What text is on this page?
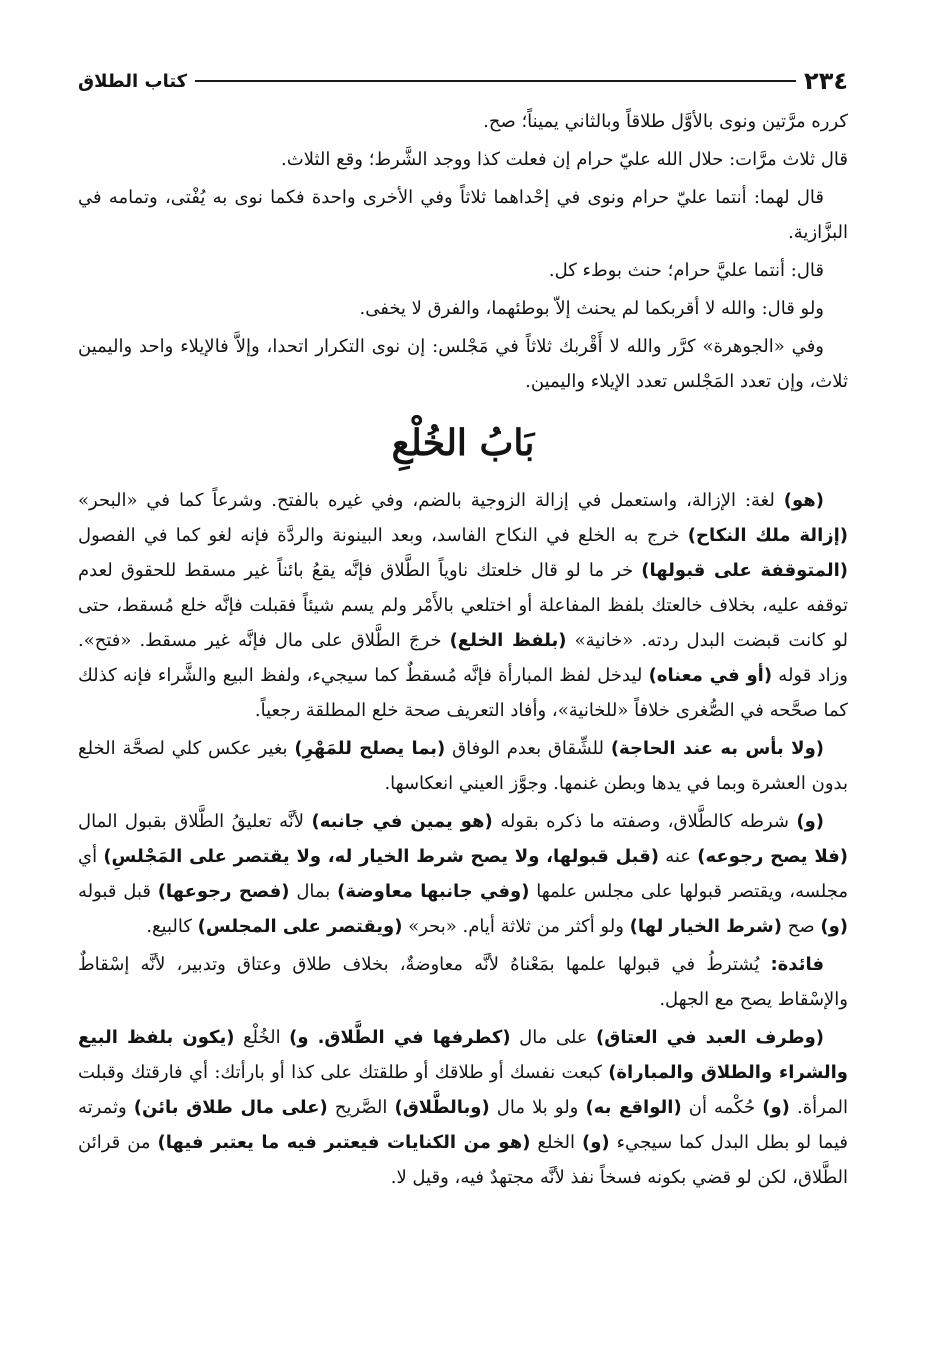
كتاب الطلاق	٢٣٤

كرره مرَّتين ونوى بالأوَّل طلاقاً وبالثاني يميناً؛ صح.

قال ثلاث مرَّات: حلال الله عليّ حرام إن فعلت كذا ووجد الشَّرط؛ وقع الثلاث.

قال لهما: أنتما عليّ حرام ونوى في إحْداهما ثلاثاً وفي الأخرى واحدة فكما نوى به يُفْتى، وتمامه في البزَّازية.

قال: أنتما عليَّ حرام؛ حنث بوطء كل.

ولو قال: والله لا أقربكما لم يحنث إلاّ بوطئهما، والفرق لا يخفى.

وفي «الجوهرة» كرَّر والله لا أَقْربك ثلاثاً في مَجْلس: إن نوى التكرار اتحدا، وإلاَّ فالإيلاء واحد واليمين ثلاث، وإن تعدد المَجْلس تعدد الإيلاء واليمين.

بَابُ الخُلْعِ

(هو) لغة: الإزالة، واستعمل في إزالة الزوجية بالضم، وفي غيره بالفتح. وشرعاً كما في «البحر» (إزالة ملك النكاح) خرج به الخلع في النكاح الفاسد، وبعد البينونة والردَّة فإنه لغو كما في الفصول (المتوقفة على قبولها) خر ما لو قال خلعتك ناوياً الطَّلاق فإنَّه يقعُ بائناً غير مسقط للحقوق لعدم توقفه عليه، بخلاف خالعتك بلفظ المفاعلة أو اختلعي بالأَمْر ولم يسم شيئاً فقبلت فإنَّه خلع مُسقط، حتى لو كانت قبضت البدل ردته. «خانية» (بلفظ الخلع) خرجَ الطَّلاق على مال فإنَّه غير مسقط. «فتح». وزاد قوله (أو في معناه) ليدخل لفظ المبارأة فإنَّه مُسقطٌ كما سيجيء، ولفظ البيع والشَّراء فإنه كذلك كما صحَّحه في الصُّغرى خلافاً «للخانية»، وأفاد التعريف صحة خلع المطلقة رجعياً.

(ولا بأس به عند الحاجة) للشِّقاق بعدم الوفاق (بما يصلح للمَهْرِ) بغير عكس كلي لصحَّة الخلع بدون العشرة وبما في يدها وبطن غنمها. وجوَّز العيني انعكاسها.

(و) شرطه كالطَّلاق، وصفته ما ذكره بقوله (هو يمين في جانبه) لأنَّه تعليقُ الطَّلاق بقبول المال (فلا يصح رجوعه) عنه (قبل قبولها، ولا يصح شرط الخيار له، ولا يقتصر على المَجْلسِ) أي مجلسه، ويقتصر قبولها على مجلس علمها (وفي جانبها معاوضة) بمال (فصح رجوعها) قبل قبوله (و) صح (شرط الخيار لها) ولو أكثر من ثلاثة أيام. «بحر» (ويقتصر على المجلس) كالبيع.

فائدة: يُشترطُ في قبولها علمها بمَعْناهُ لأنَّه معاوضةٌ، بخلاف طلاق وعتاق وتدبير، لأنَّه إسْقاطٌ والإسْقاط يصح مع الجهل.

(وطرف العبد في العتاق) على مال (كطرفها في الطَّلاق. و) الخُلْع (يكون بلفظ البيع والشراء والطلاق والمباراة) كبعت نفسك أو طلاقك أو طلقتك على كذا أو بارأتك: أي فارقتك وقبلت المرأة. (و) حُكْمه أن (الواقع به) ولو بلا مال (وبالطَّلاق) الصَّريح (على مال طلاق بائن) وثمرته فيما لو بطل البدل كما سيجيء (و) الخلع (هو من الكنايات فيعتبر فيه ما يعتبر فيها) من قرائن الطَّلاق، لكن لو قضي بكونه فسخاً نفذ لأنَّه مجتهدٌ فيه، وقيل لا.
